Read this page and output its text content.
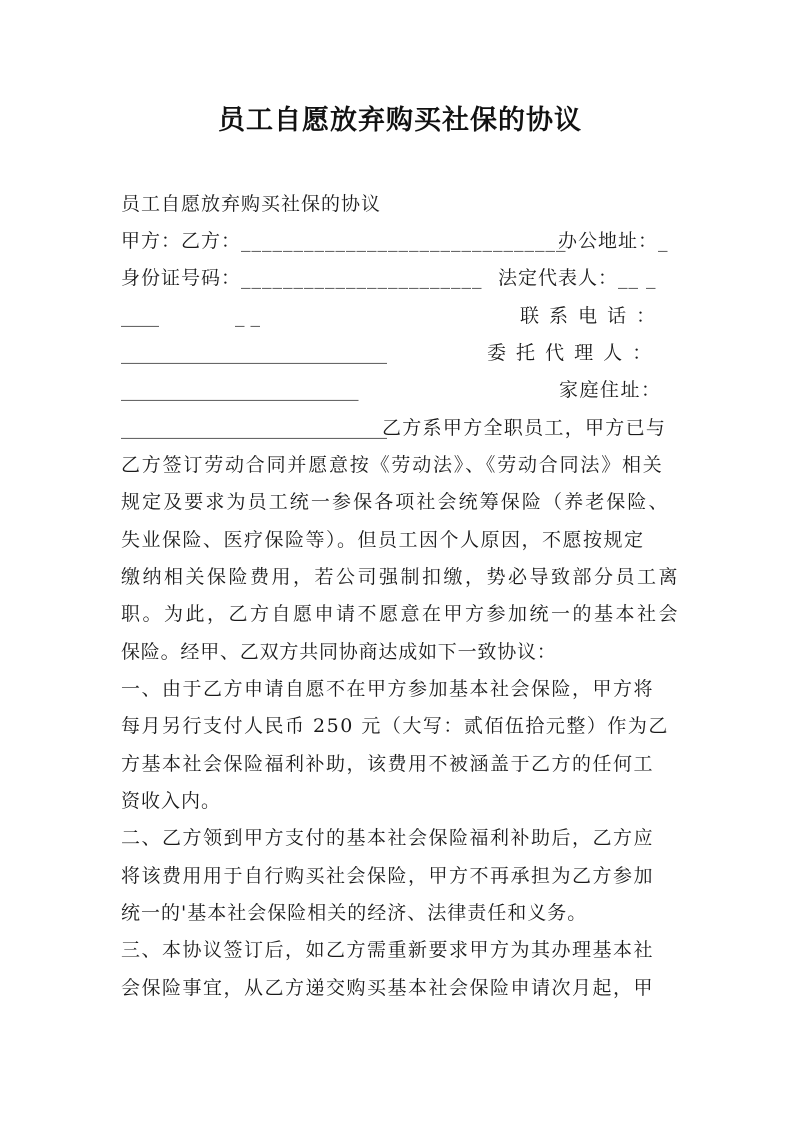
员工自愿放弃购买社保的协议
员工自愿放弃购买社保的协议
甲方：乙方：_______________________________
办公地址：_
身份证号码：_______________________ 法定代表人：__ _
____	_ _	联 系 电 话 ：
____________________________	委 托 代 理 人 ：
_________________________	家庭住址：
____________________________
乙方系甲方全职员工，甲方已与
乙方签订劳动合同并愿意按《劳动法》、《劳动合同法》相关
规定及要求为员工统一参保各项社会统筹保险（养老保险、
失业保险、医疗保险等）。但员工因个人原因，不愿按规定
缴纳相关保险费用，若公司强制扣缴，势必导致部分员工离
职。为此，乙方自愿申请不愿意在甲方参加统一的基本社会
保险。经甲、乙双方共同协商达成如下一致协议：
一、由于乙方申请自愿不在甲方参加基本社会保险，甲方将
每月另行支付人民币 250 元（大写：贰佰伍拾元整）作为乙
方基本社会保险福利补助，该费用不被涵盖于乙方的任何工
资收入内。
二、乙方领到甲方支付的基本社会保险福利补助后，乙方应
将该费用用于自行购买社会保险，甲方不再承担为乙方参加
统一的'基本社会保险相关的经济、法律责任和义务。
三、本协议签订后，如乙方需重新要求甲方为其办理基本社
会保险事宜，从乙方递交购买基本社会保险申请次月起，甲
